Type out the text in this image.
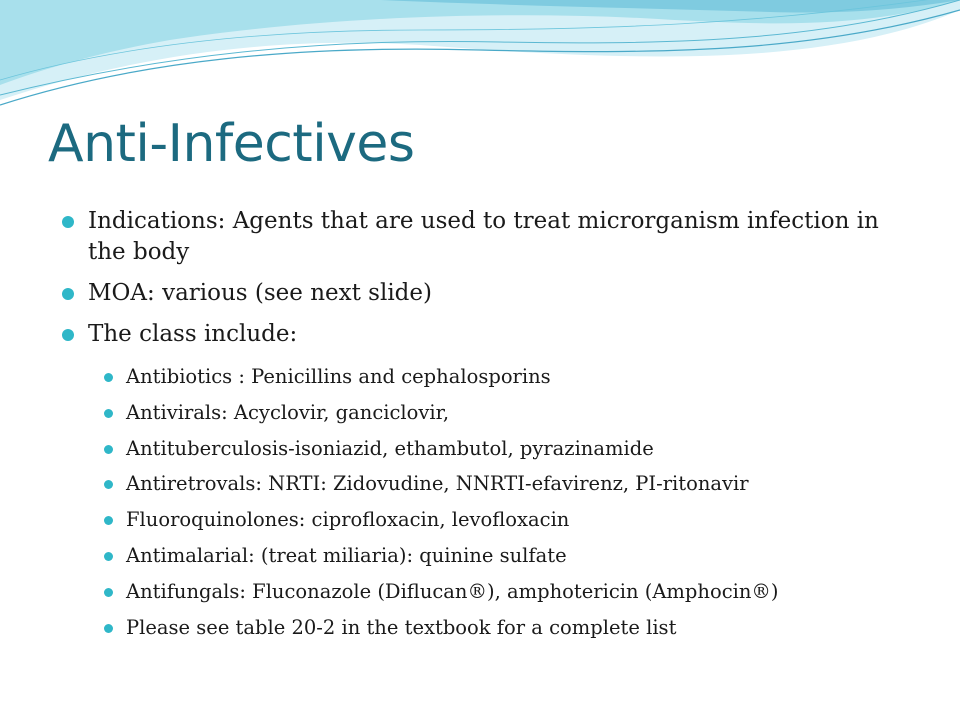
Anti-Infectives
Indications: Agents that are used to treat microrganism infection in the body
MOA: various (see next slide)
The class include:
Antibiotics : Penicillins and cephalosporins
Antivirals: Acyclovir, ganciclovir,
Antituberculosis-isoniazid, ethambutol, pyrazinamide
Antiretrovals: NRTI: Zidovudine, NNRTI-efavirenz, PI-ritonavir
Fluoroquinolones: ciprofloxacin, levofloxacin
Antimalarial: (treat miliaria): quinine sulfate
Antifungals: Fluconazole (Diflucan®), amphotericin (Amphocin®)
Please see table 20-2 in the textbook for a complete list
